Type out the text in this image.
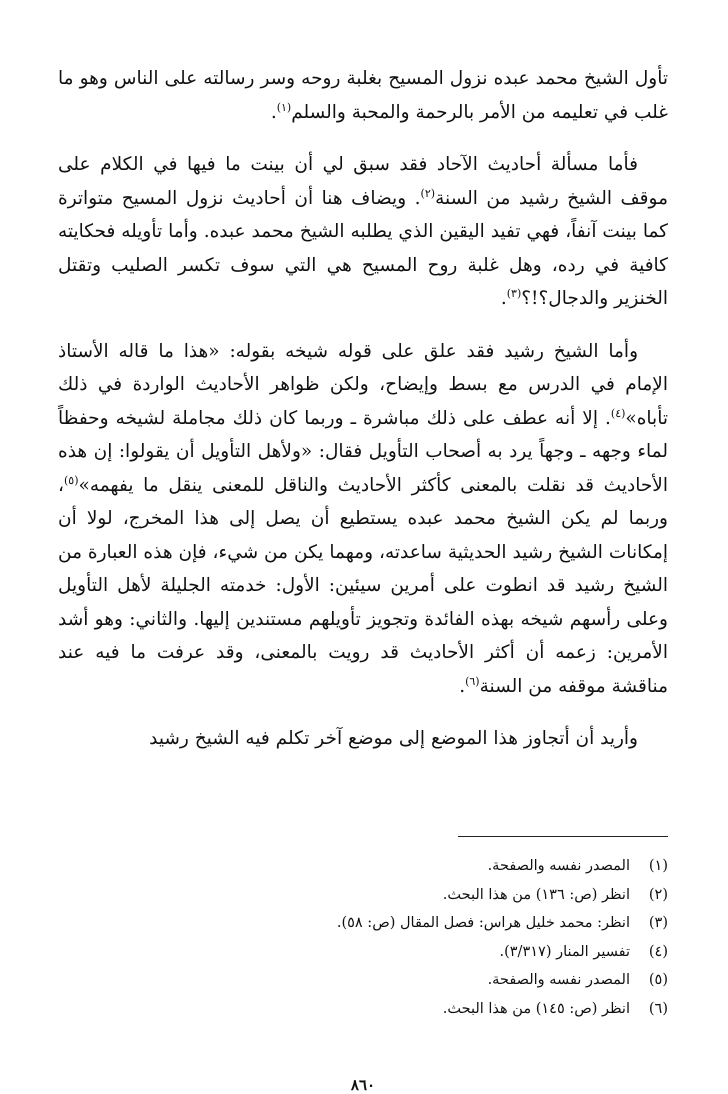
تأول الشيخ محمد عبده نزول المسيح بغلبة روحه وسر رسالته على الناس وهو ما غلب في تعليمه من الأمر بالرحمة والمحبة والسلم$^{(١)}$.

فأما مسألة أحاديث الآحاد فقد سبق لي أن بينت ما فيها في الكلام على موقف الشيخ رشيد من السنة$^{(٢)}$. ويضاف هنا أن أحاديث نزول المسيح متواترة كما بينت آنفاً، فهي تفيد اليقين الذي يطلبه الشيخ محمد عبده. وأما تأويله فحكايته كافية في رده، وهل غلبة روح المسيح هي التي سوف تكسر الصليب وتقتل الخنزير والدجال؟!؟$^{(٣)}$.

وأما الشيخ رشيد فقد علق على قوله شيخه بقوله: «هذا ما قاله الأستاذ الإمام في الدرس مع بسط وإيضاح، ولكن ظواهر الأحاديث الواردة في ذلك تأباه»$^{(٤)}$. إلا أنه عطف على ذلك مباشرة ـ وربما كان ذلك مجاملة لشيخه وحفظاً لماء وجهه ـ وجهاً يرد به أصحاب التأويل فقال: «ولأهل التأويل أن يقولوا: إن هذه الأحاديث قد نقلت بالمعنى كأكثر الأحاديث والناقل للمعنى ينقل ما يفهمه»$^{(٥)}$، وربما لم يكن الشيخ محمد عبده يستطيع أن يصل إلى هذا المخرج، لولا أن إمكانات الشيخ رشيد الحديثية ساعدته، ومهما يكن من شيء، فإن هذه العبارة من الشيخ رشيد قد انطوت على أمرين سيئين: الأول: خدمته الجليلة لأهل التأويل وعلى رأسهم شيخه بهذه الفائدة وتجويز تأويلهم مستندين إليها. والثاني: وهو أشد الأمرين: زعمه أن أكثر الأحاديث قد رويت بالمعنى، وقد عرفت ما فيه عند مناقشة موقفه من السنة$^{(٦)}$.

وأريد أن أتجاوز هذا الموضع إلى موضع آخر تكلم فيه الشيخ رشيد

(١)
المصدر نفسه والصفحة.
(٢)
انظر (ص: ١٣٦) من هذا البحث.
(٣)
انظر: محمد خليل هراس: فصل المقال (ص: ٥٨).
(٤)
تفسير المنار (٣/٣١٧).
(٥)
المصدر نفسه والصفحة.
(٦)
انظر (ص: ١٤٥) من هذا البحث.
٨٦٠
